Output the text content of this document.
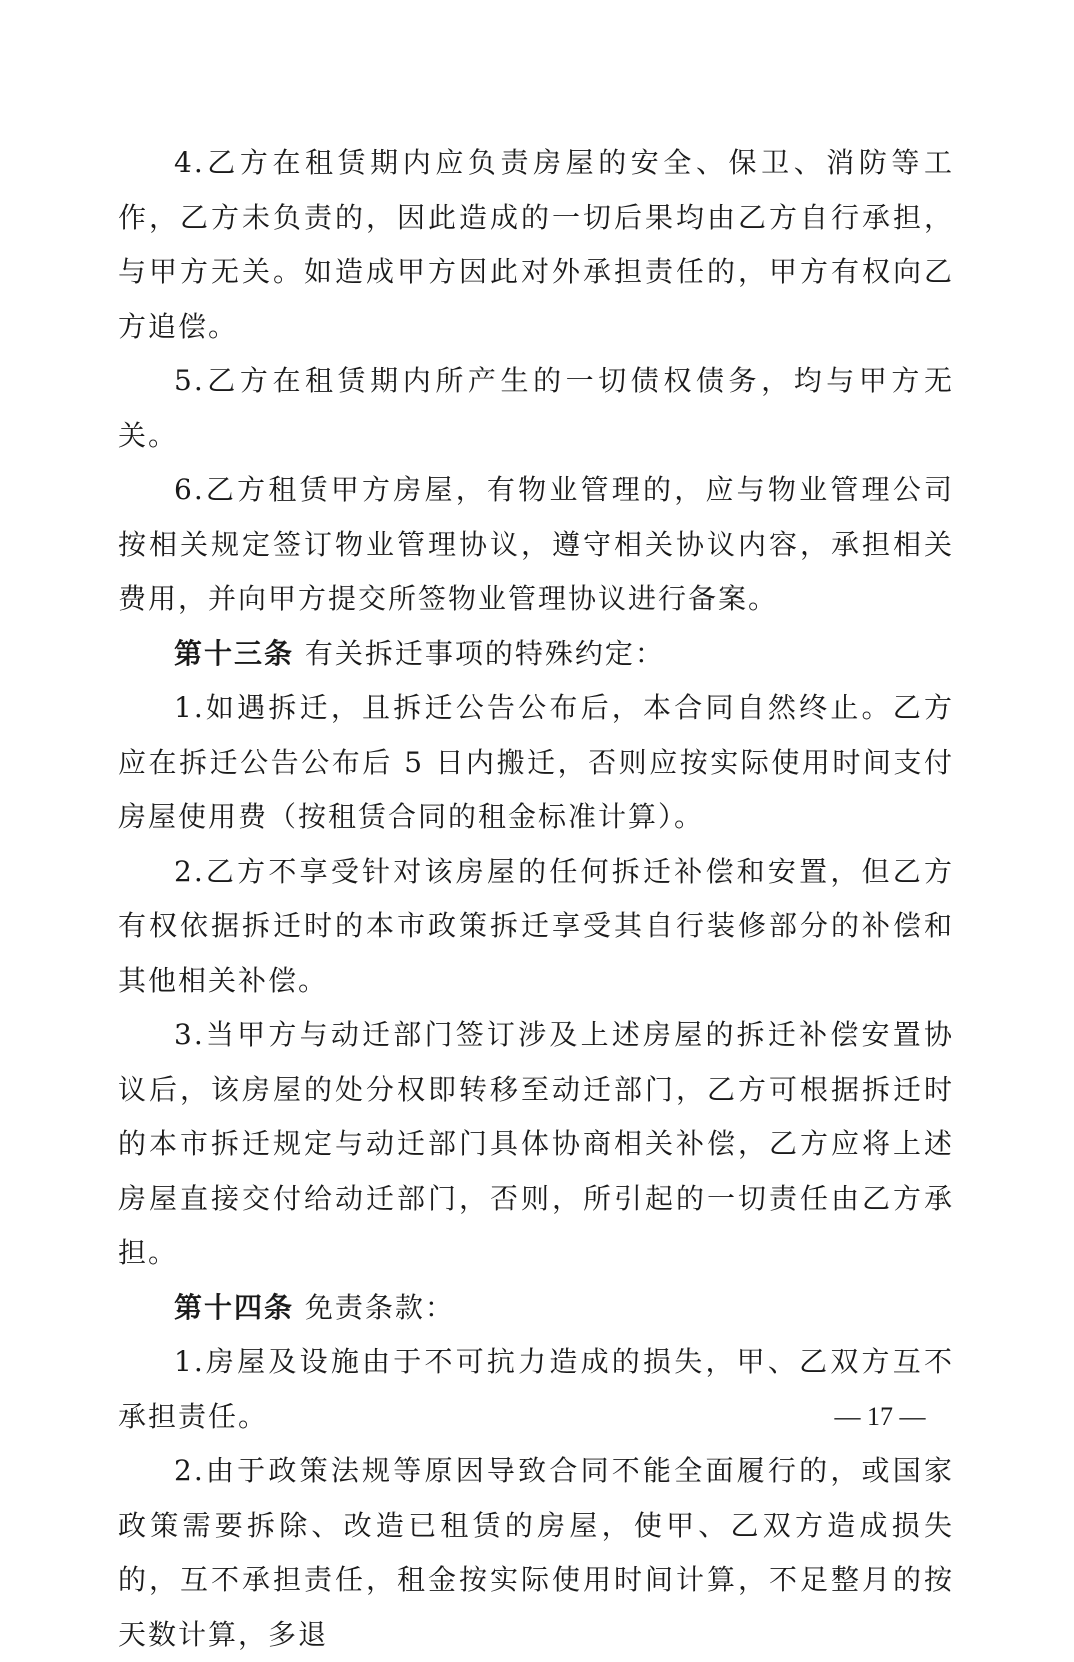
4.乙方在租赁期内应负责房屋的安全、保卫、消防等工作，乙方未负责的，因此造成的一切后果均由乙方自行承担，与甲方无关。如造成甲方因此对外承担责任的，甲方有权向乙方追偿。

5.乙方在租赁期内所产生的一切债权债务，均与甲方无关。

6.乙方租赁甲方房屋，有物业管理的，应与物业管理公司按相关规定签订物业管理协议，遵守相关协议内容，承担相关费用，并向甲方提交所签物业管理协议进行备案。

第十三条 有关拆迁事项的特殊约定：

1.如遇拆迁，且拆迁公告公布后，本合同自然终止。乙方应在拆迁公告公布后 5 日内搬迁，否则应按实际使用时间支付房屋使用费（按租赁合同的租金标准计算）。

2.乙方不享受针对该房屋的任何拆迁补偿和安置，但乙方有权依据拆迁时的本市政策拆迁享受其自行装修部分的补偿和其他相关补偿。

3.当甲方与动迁部门签订涉及上述房屋的拆迁补偿安置协议后，该房屋的处分权即转移至动迁部门，乙方可根据拆迁时的本市拆迁规定与动迁部门具体协商相关补偿，乙方应将上述房屋直接交付给动迁部门，否则，所引起的一切责任由乙方承担。

第十四条 免责条款：

1.房屋及设施由于不可抗力造成的损失，甲、乙双方互不承担责任。

2.由于政策法规等原因导致合同不能全面履行的，或国家政策需要拆除、改造已租赁的房屋，使甲、乙双方造成损失的，互不承担责任，租金按实际使用时间计算，不足整月的按天数计算，多退

— 17 —
